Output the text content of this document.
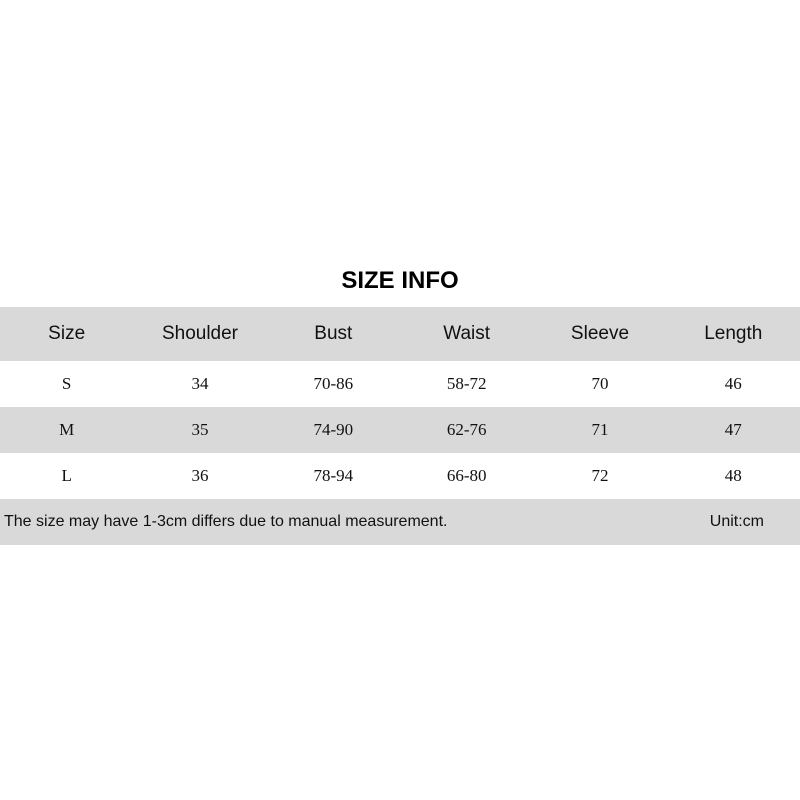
SIZE INFO
Size	Shoulder	Bust	Waist	Sleeve	Length
S	34	70-86	58-72	70	46
M	35	74-90	62-76	71	47
L	36	78-94	66-80	72	48
The size may have 1-3cm differs due to manual measurement.	Unit:cm
